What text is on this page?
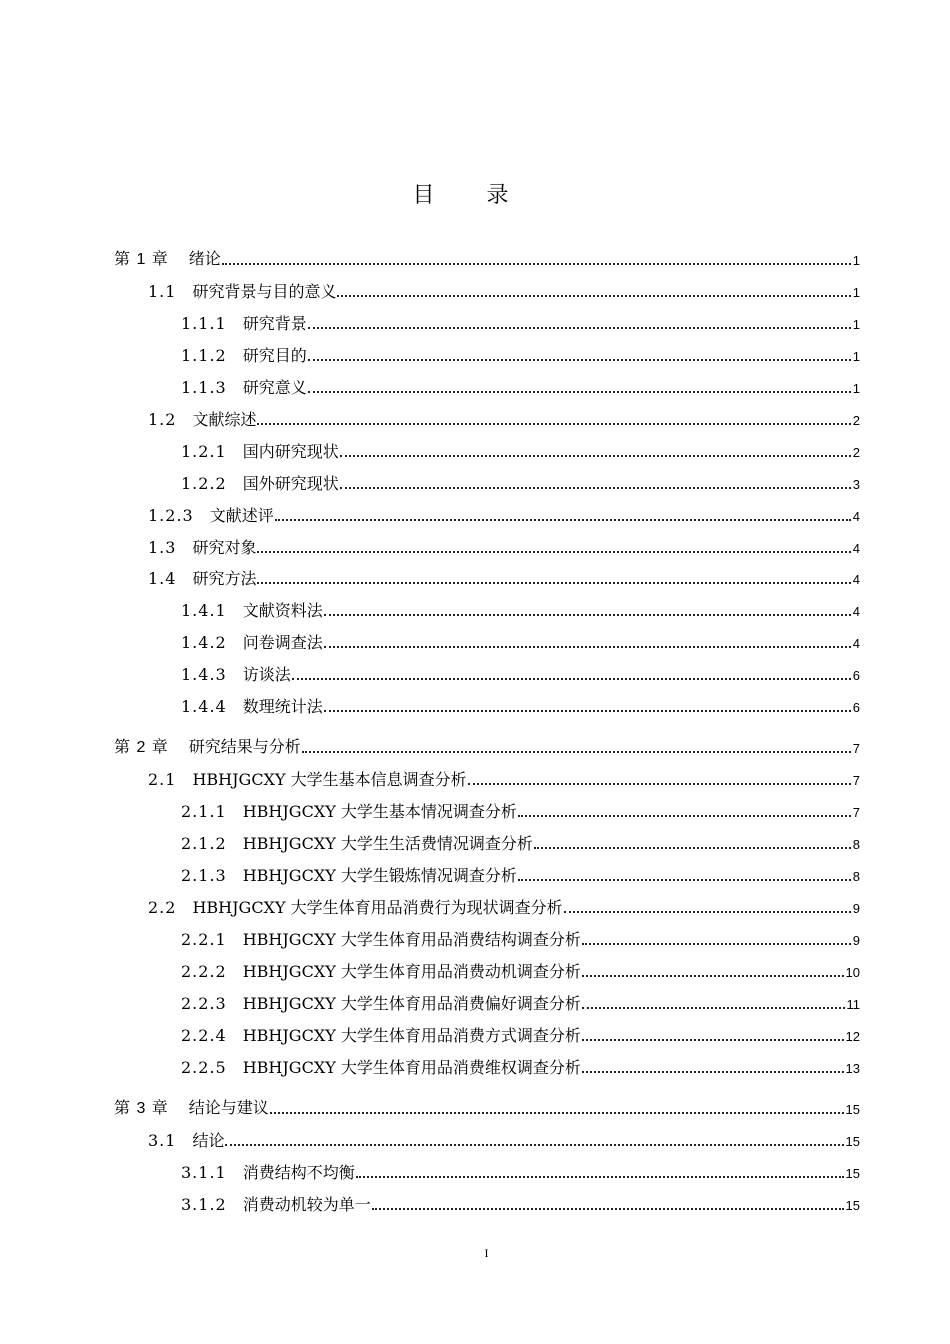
目录
第 1 章 绪论	1
1.1 研究背景与目的意义	1
1.1.1 研究背景	1
1.1.2 研究目的	1
1.1.3 研究意义	1
1.2 文献综述	2
1.2.1 国内研究现状	2
1.2.2 国外研究现状	3
1.2.3 文献述评	4
1.3 研究对象	4
1.4 研究方法	4
1.4.1 文献资料法	4
1.4.2 问卷调查法	4
1.4.3 访谈法	6
1.4.4 数理统计法	6
第 2 章 研究结果与分析	7
2.1 HBHJGCXY 大学生基本信息调查分析	7
2.1.1 HBHJGCXY 大学生基本情况调查分析	7
2.1.2 HBHJGCXY 大学生生活费情况调查分析	8
2.1.3 HBHJGCXY 大学生锻炼情况调查分析	8
2.2 HBHJGCXY 大学生体育用品消费行为现状调查分析	9
2.2.1 HBHJGCXY 大学生体育用品消费结构调查分析	9
2.2.2 HBHJGCXY 大学生体育用品消费动机调查分析	10
2.2.3 HBHJGCXY 大学生体育用品消费偏好调查分析	11
2.2.4 HBHJGCXY 大学生体育用品消费方式调查分析	12
2.2.5 HBHJGCXY 大学生体育用品消费维权调查分析	13
第 3 章 结论与建议	15
3.1 结论	15
3.1.1 消费结构不均衡	15
3.1.2 消费动机较为单一	15
I
